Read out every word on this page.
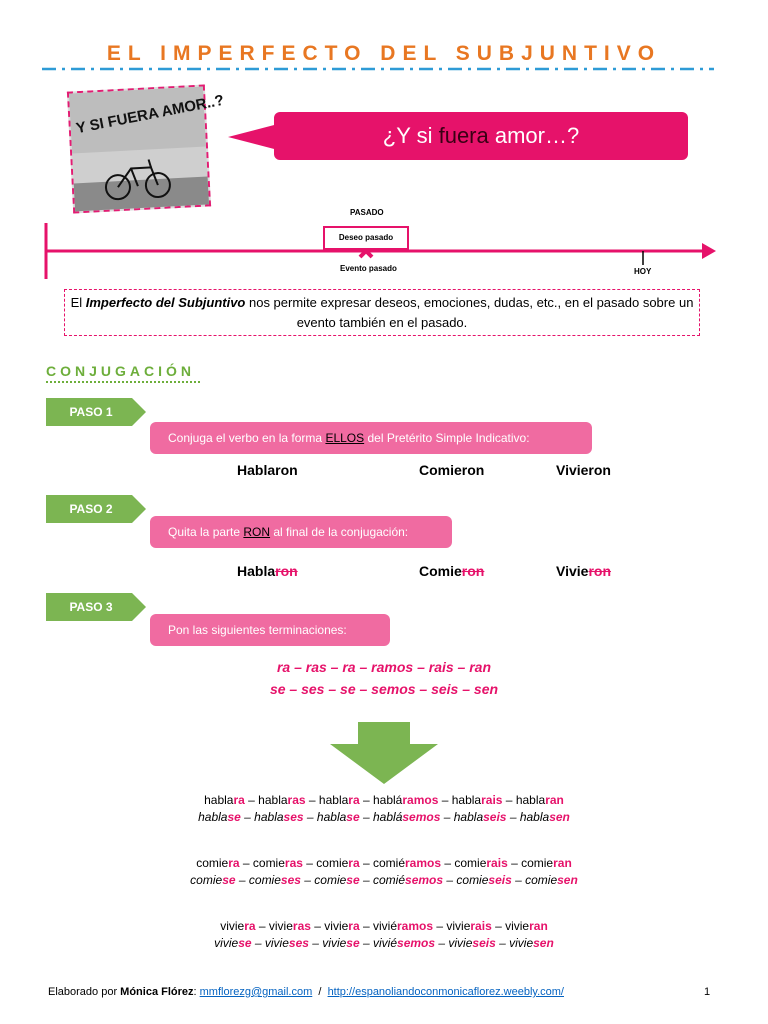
EL IMPERFECTO DEL SUBJUNTIVO
Y SI FUERA AMOR..?	¿Y si fuera amor…?
PASADO
Deseo pasado
Evento pasado	HOY
El Imperfecto del Subjuntivo nos permite expresar deseos, emociones, dudas, etc., en el pasado sobre un evento también en el pasado.
CONJUGACIÓN
PASO 1
Conjuga el verbo en la forma ELLOS del Pretérito Simple Indicativo:
Hablaron	Comieron	Vivieron
PASO 2
Quita la parte RON al final de la conjugación:
Hablaron	Comieron	Vivieron
PASO 3
Pon las siguientes terminaciones:
ra – ras – ra – ramos – rais – ran
se – ses – se – semos – seis – sen
hablara – hablaras – hablara – habláramos – hablarais – hablaran
hablase – hablases – hablase – hablásemos – hablaseis – hablasen
comiera – comieras – comiera – comiéramos – comierais – comieran
comiese – comieses – comiese – comiésemos – comieseis – comiesen
viviera – vivieras – viviera – viviéramos – vivierais – vivieran
viviese – vivieses – viviese – viviésemos – vivieseis – viviesen
Elaborado por Mónica Flórez: mmflorezg@gmail.com  /  http://espanoliandoconmonicaflorez.weebly.com/	1
